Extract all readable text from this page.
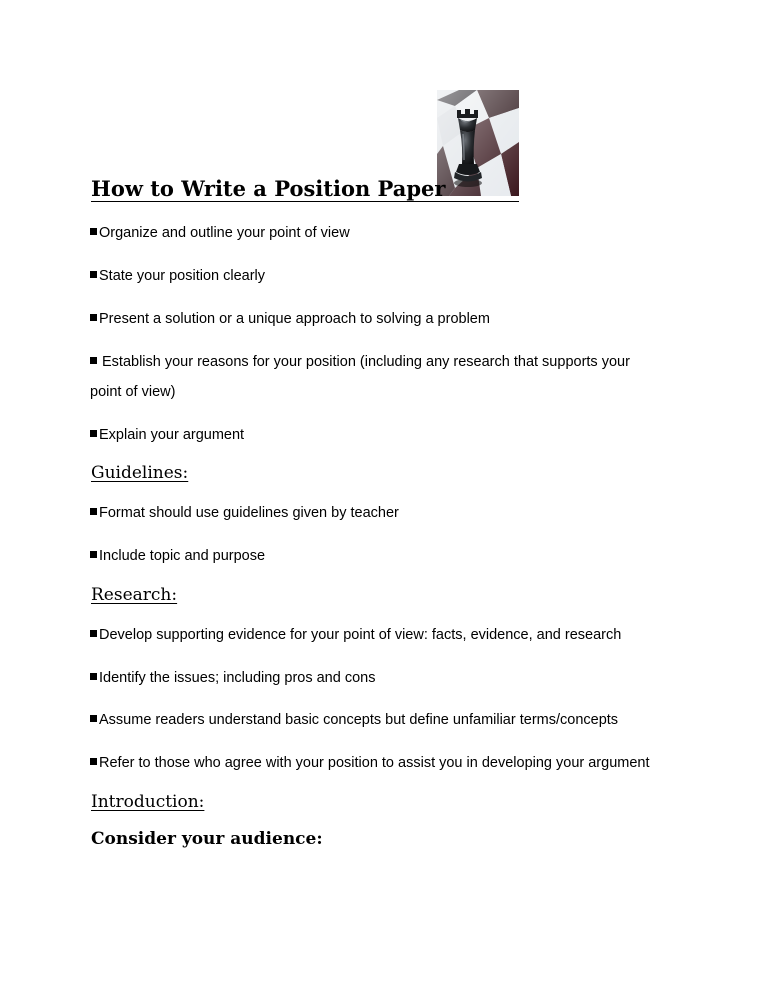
How to Write a Position Paper
Organize and outline your point of view
State your position clearly
Present a solution or a unique approach to solving a problem
Establish your reasons for your position (including any research that supports your
point of view)
Explain your argument
Guidelines:
Format should use guidelines given by teacher
Include topic and purpose
Research:
Develop supporting evidence for your point of view: facts, evidence, and research
Identify the issues; including pros and cons
Assume readers understand basic concepts but define unfamiliar terms/concepts
Refer to those who agree with your position to assist you in developing your argument
Introduction:
Consider your audience:
